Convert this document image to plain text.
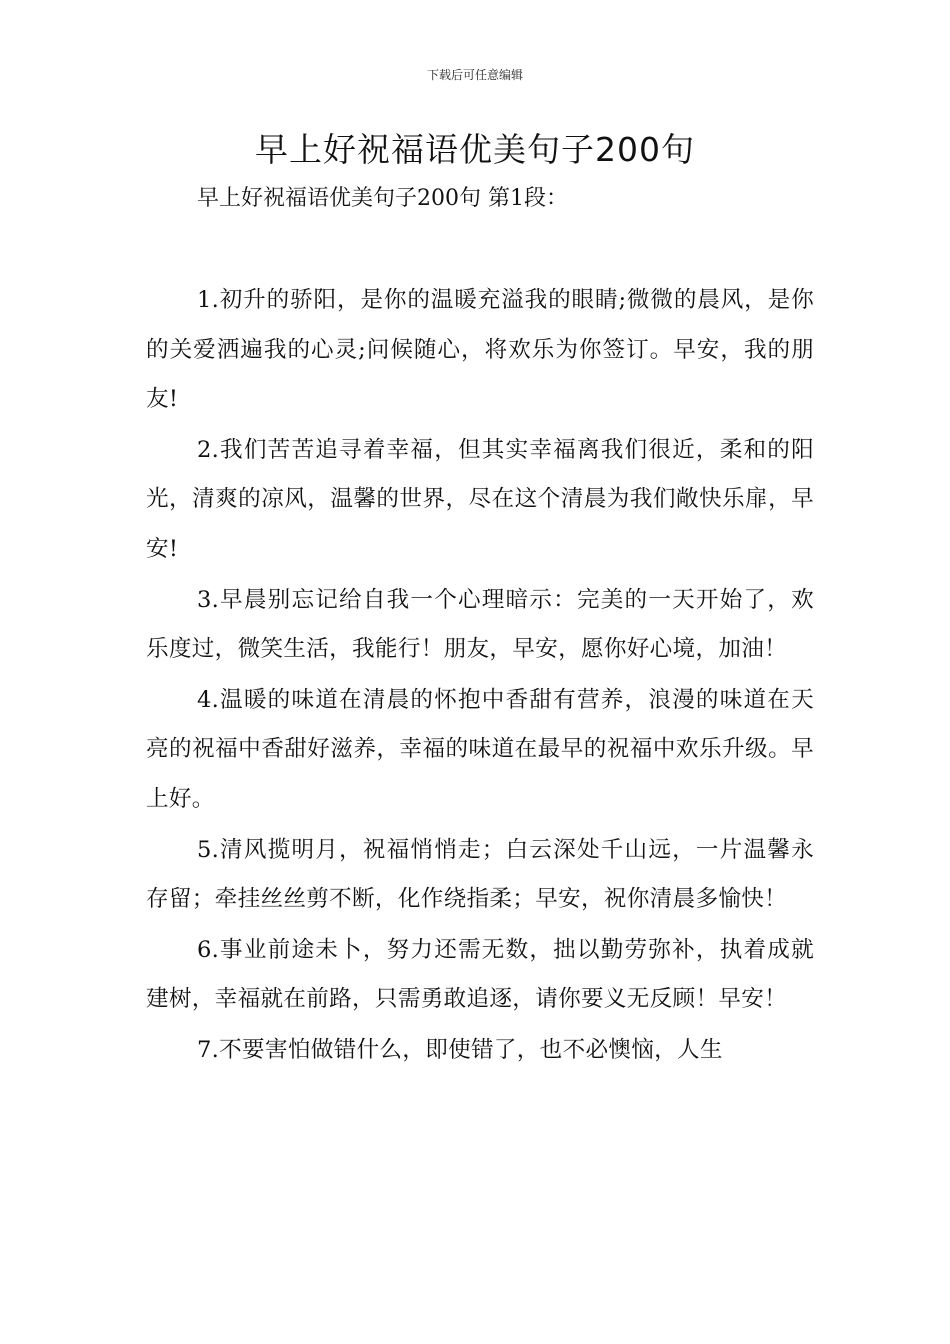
下载后可任意编辑
早上好祝福语优美句子200句
早上好祝福语优美句子200句 第1段：

1.初升的骄阳，是你的温暖充溢我的眼睛;微微的晨风，是你的关爱洒遍我的心灵;问候随心，将欢乐为你签订。早安，我的朋友!

2.我们苦苦追寻着幸福，但其实幸福离我们很近，柔和的阳光，清爽的凉风，温馨的世界，尽在这个清晨为我们敞快乐扉，早安!

3.早晨别忘记给自我一个心理暗示：完美的一天开始了，欢乐度过，微笑生活，我能行！朋友，早安，愿你好心境，加油！

4.温暖的味道在清晨的怀抱中香甜有营养，浪漫的味道在天亮的祝福中香甜好滋养，幸福的味道在最早的祝福中欢乐升级。早上好。

5.清风揽明月，祝福悄悄走；白云深处千山远，一片温馨永存留；牵挂丝丝剪不断，化作绕指柔；早安，祝你清晨多愉快！

6.事业前途未卜，努力还需无数，拙以勤劳弥补，执着成就建树，幸福就在前路，只需勇敢追逐，请你要义无反顾！早安！

7.不要害怕做错什么，即使错了，也不必懊恼，人生
